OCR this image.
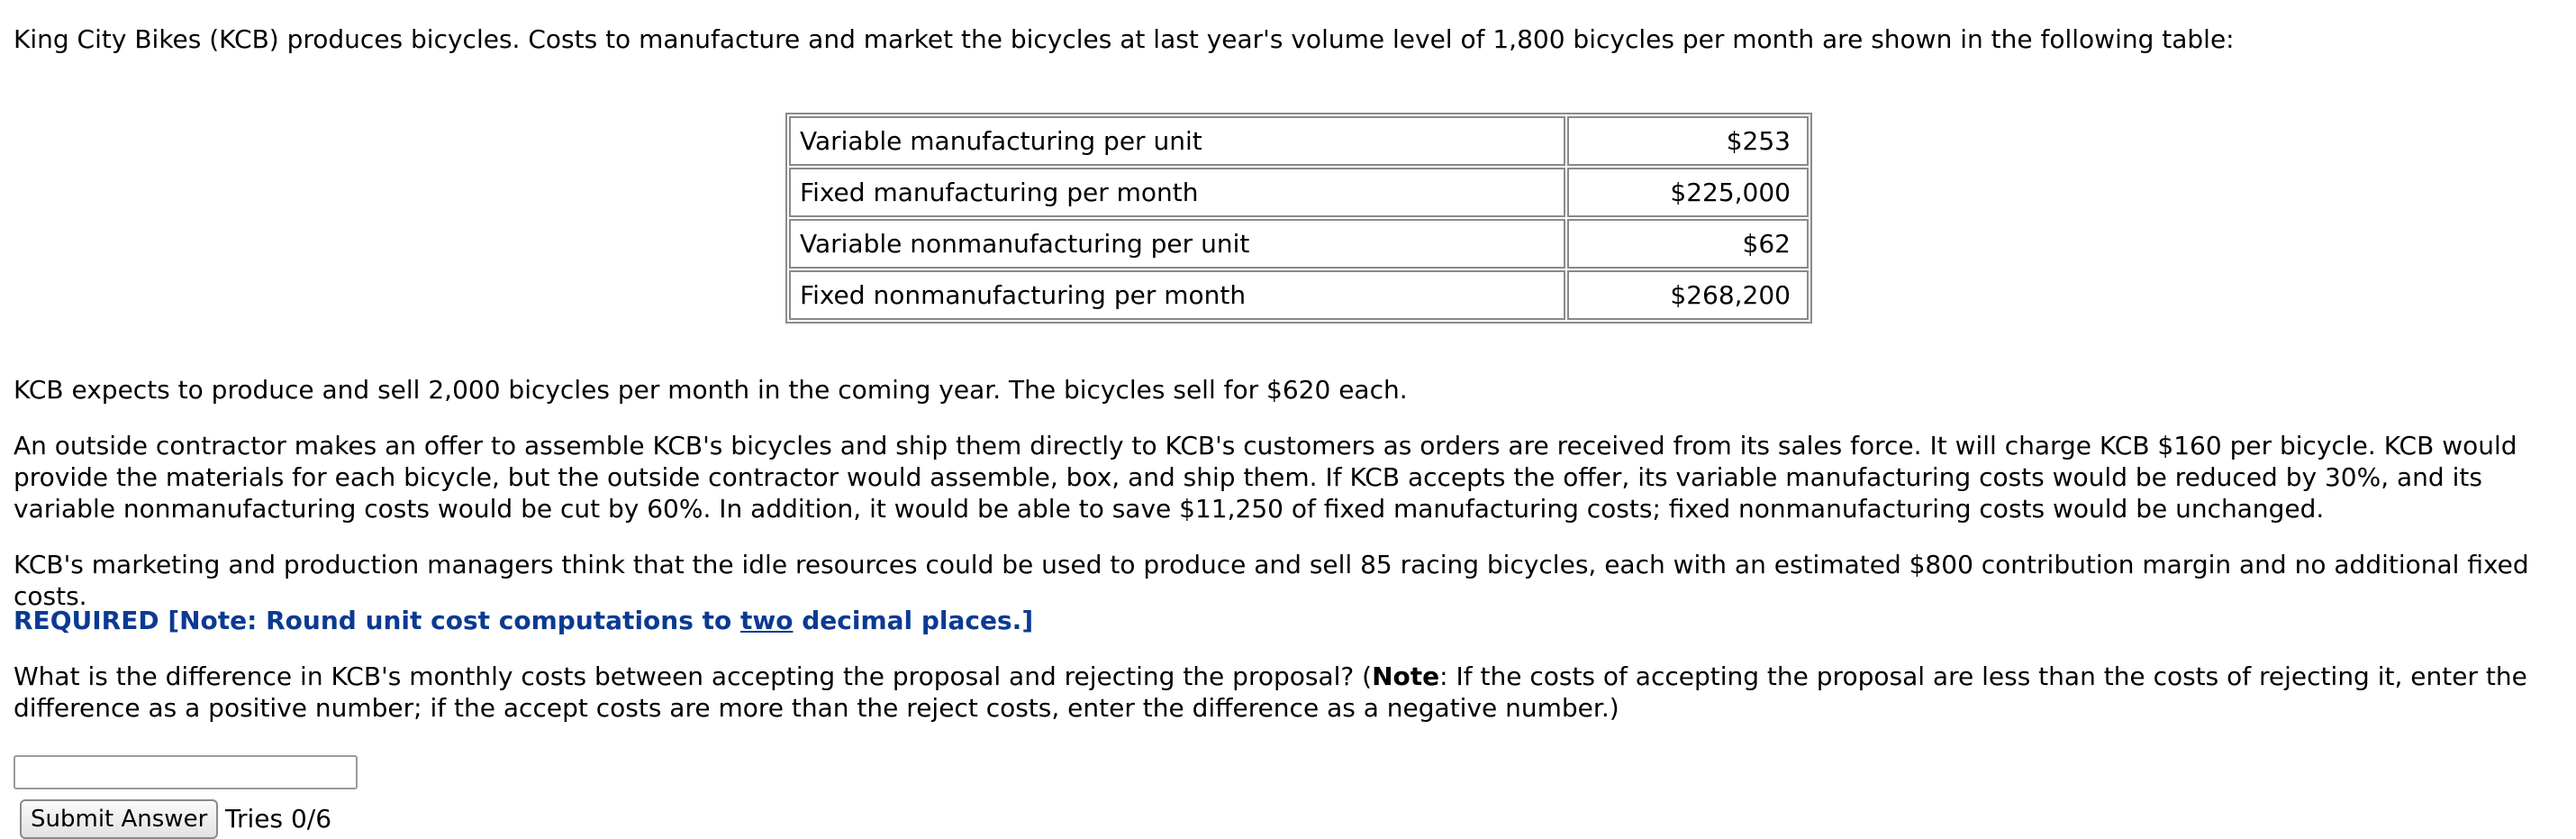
King City Bikes (KCB) produces bicycles. Costs to manufacture and market the bicycles at last year's volume level of 1,800 bicycles per month are shown in the following table:

Variable manufacturing per unit	$253
Fixed manufacturing per month	$225,000
Variable nonmanufacturing per unit	$62
Fixed nonmanufacturing per month	$268,200

KCB expects to produce and sell 2,000 bicycles per month in the coming year. The bicycles sell for $620 each.

An outside contractor makes an offer to assemble KCB's bicycles and ship them directly to KCB's customers as orders are received from its sales force. It will charge KCB $160 per bicycle. KCB would provide the materials for each bicycle, but the outside contractor would assemble, box, and ship them. If KCB accepts the offer, its variable manufacturing costs would be reduced by 30%, and its variable nonmanufacturing costs would be cut by 60%. In addition, it would be able to save $11,250 of fixed manufacturing costs; fixed nonmanufacturing costs would be unchanged.

KCB's marketing and production managers think that the idle resources could be used to produce and sell 85 racing bicycles, each with an estimated $800 contribution margin and no additional fixed costs.

REQUIRED [Note: Round unit cost computations to two decimal places.]

What is the difference in KCB's monthly costs between accepting the proposal and rejecting the proposal? (Note: If the costs of accepting the proposal are less than the costs of rejecting it, enter the difference as a positive number; if the accept costs are more than the reject costs, enter the difference as a negative number.)

Submit Answer Tries 0/6
